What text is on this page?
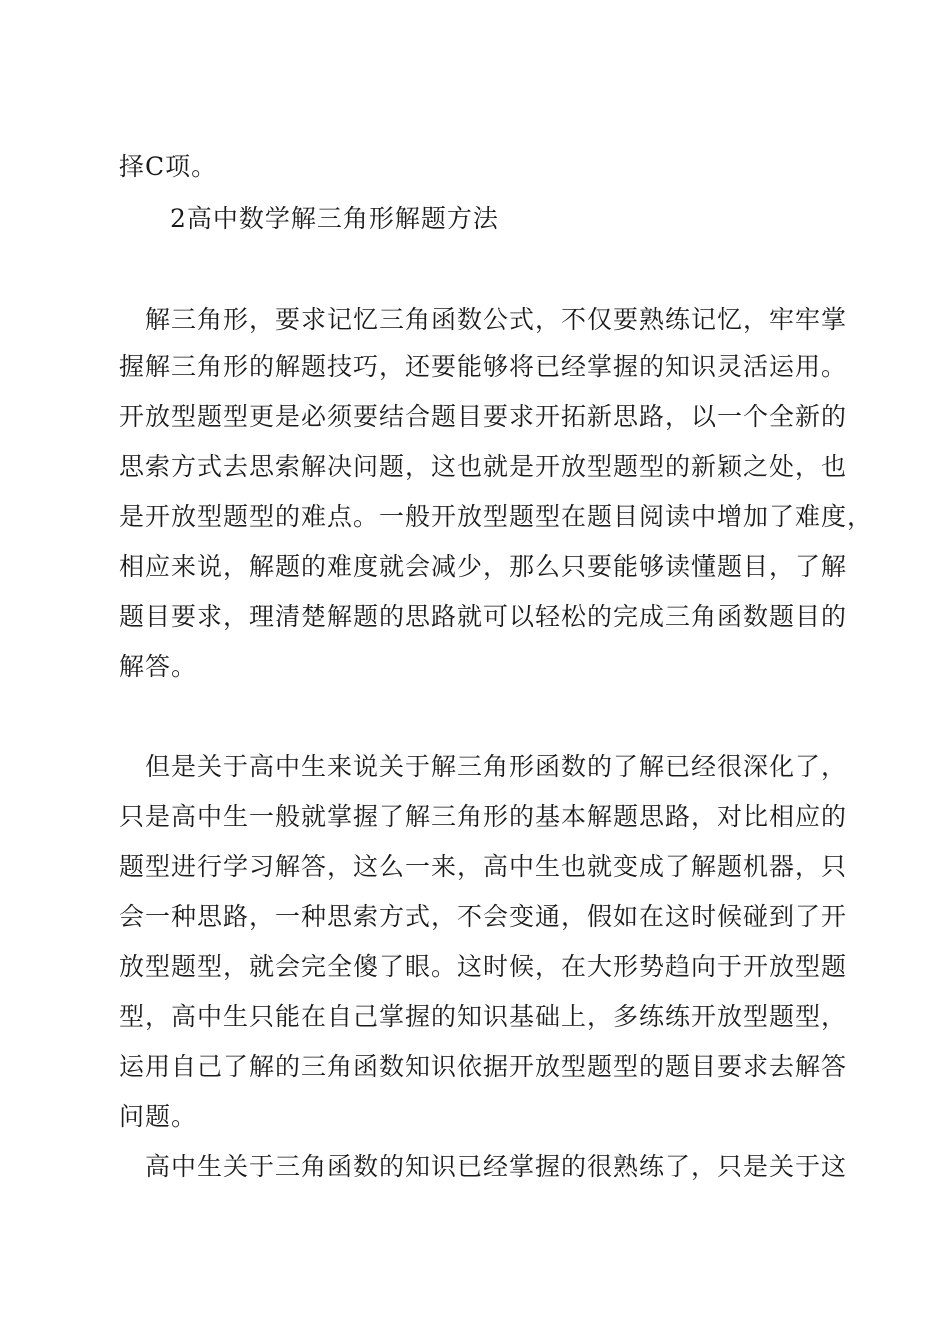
择C项。
2高中数学解三角形解题方法
解三角形，要求记忆三角函数公式，不仅要熟练记忆，牢牢掌
握解三角形的解题技巧，还要能够将已经掌握的知识灵活运用。
开放型题型更是必须要结合题目要求开拓新思路，以一个全新的
思索方式去思索解决问题，这也就是开放型题型的新颖之处，也
是开放型题型的难点。一般开放型题型在题目阅读中增加了难度，
相应来说，解题的难度就会减少，那么只要能够读懂题目，了解
题目要求，理清楚解题的思路就可以轻松的完成三角函数题目的
解答。
但是关于高中生来说关于解三角形函数的了解已经很深化了，
只是高中生一般就掌握了解三角形的基本解题思路，对比相应的
题型进行学习解答，这么一来，高中生也就变成了解题机器，只
会一种思路，一种思索方式，不会变通，假如在这时候碰到了开
放型题型，就会完全傻了眼。这时候，在大形势趋向于开放型题
型，高中生只能在自己掌握的知识基础上，多练练开放型题型，
运用自己了解的三角函数知识依据开放型题型的题目要求去解答
问题。
高中生关于三角函数的知识已经掌握的很熟练了，只是关于这
